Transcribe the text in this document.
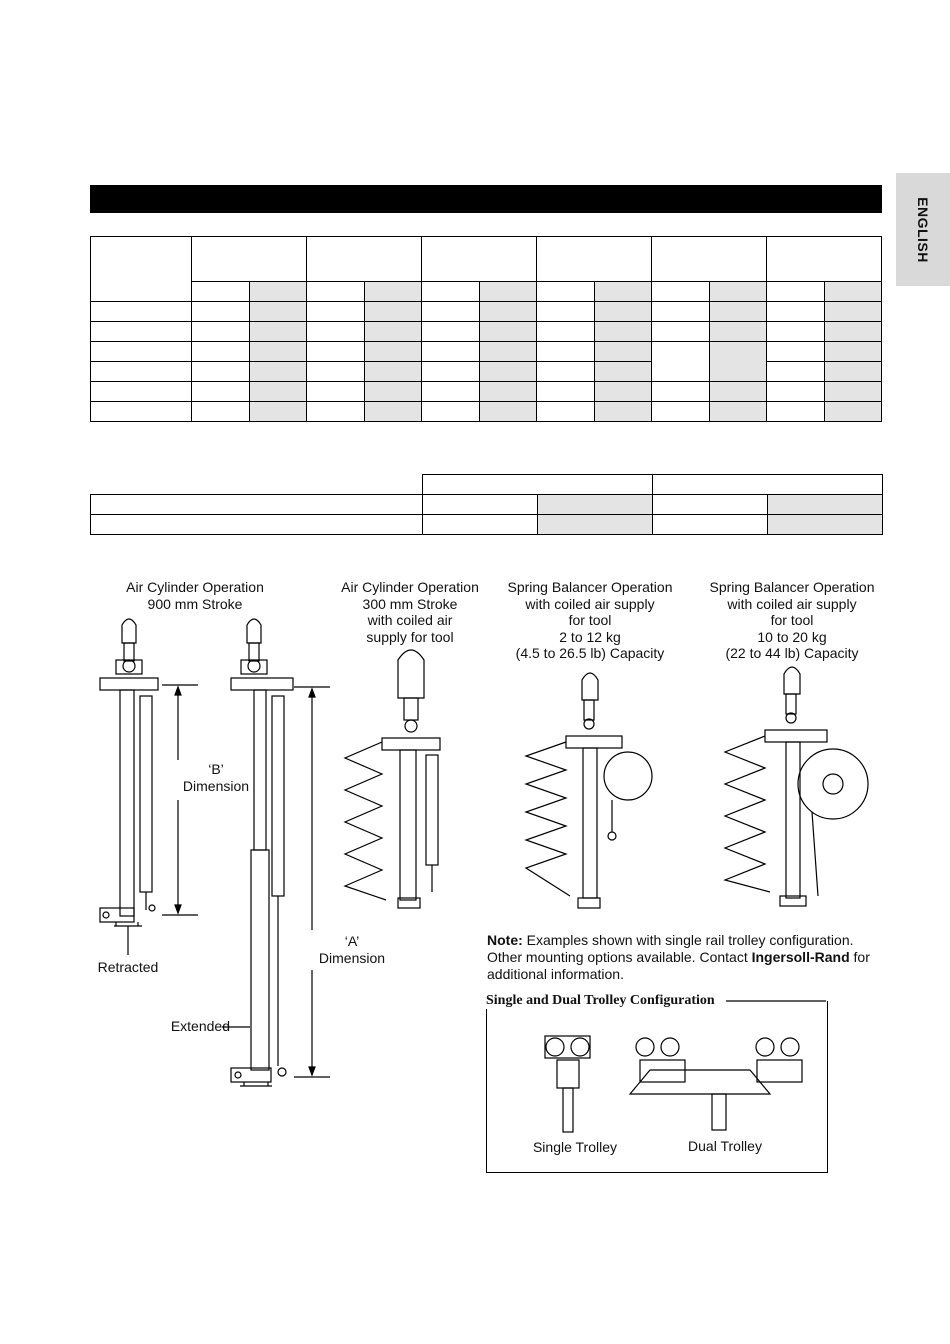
ENGLISH

Air Cylinder Operation
900 mm Stroke
Air Cylinder Operation
300 mm Stroke
with coiled air
supply for tool
Spring Balancer Operation
with coiled air supply
for tool
2 to 12 kg
(4.5 to 26.5 lb) Capacity
Spring Balancer Operation
with coiled air supply
for tool
10 to 20 kg
(22 to 44 lb) Capacity
‘B’
Dimension
‘A’
Dimension
Retracted
Extended
Note: Examples shown with single rail trolley configuration. Other mounting options available. Contact Ingersoll-Rand for additional information.
Single and Dual Trolley Configuration
Single Trolley	Dual Trolley
